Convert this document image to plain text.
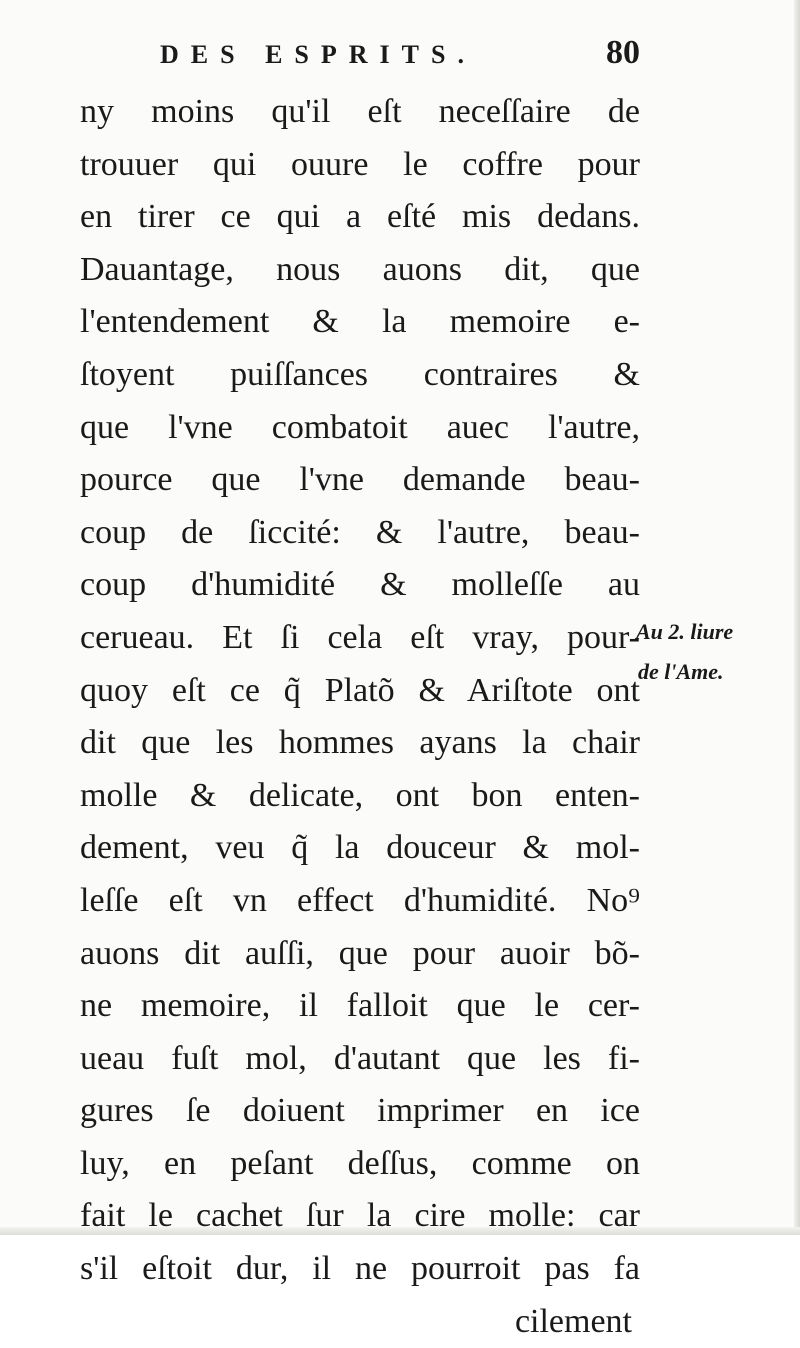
DES ESPRITS.	80
ny moins qu'il eſt neceſſaire de
trouuer qui ouure le coffre pour
en tirer ce qui a eſté mis dedans.
Dauantage, nous auons dit, que
l'entendement & la memoire e-
ſtoyent puiſſances contraires &
que l'vne combatoit auec l'autre,
pource que l'vne demande beau-
coup de ſiccité: & l'autre, beau-
coup d'humidité & molleſſe au
cerueau. Et ſi cela eſt vray, pour-
quoy eſt ce q̃ Platõ & Ariſtote ont
dit que les hommes ayans la chair
molle & delicate, ont bon enten-
dement, veu q̃ la douceur & mol-
leſſe eſt vn effect d'humidité. No⁹
auons dit auſſi, que pour auoir bõ-
ne memoire, il falloit que le cer-
ueau fuſt mol, d'autant que les fi-
gures ſe doiuent imprimer en ice
luy, en peſant deſſus, comme on
fait le cachet ſur la cire molle: car
s'il eſtoit dur, il ne pourroit pas fa
cilement
Au 2. liure
de l'Ame.
